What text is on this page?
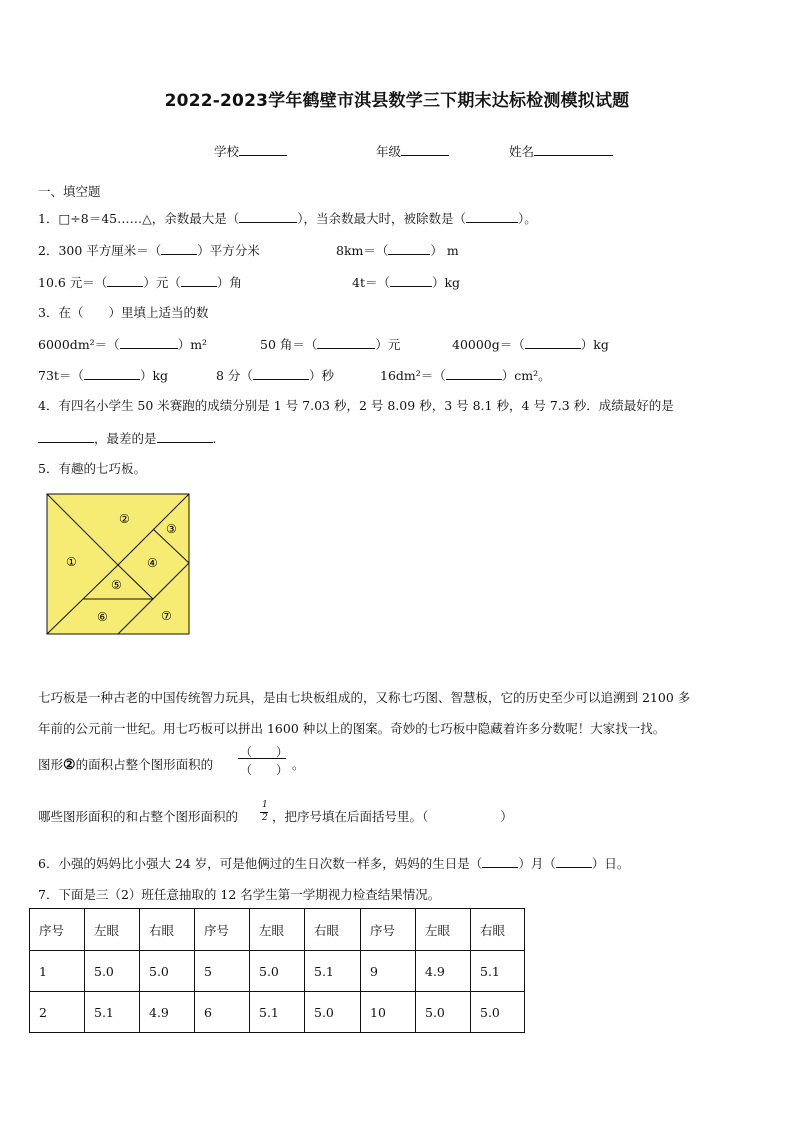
2022-2023学年鹤壁市淇县数学三下期末达标检测模拟试题
学校	年级	姓名
一、填空题
1．□÷8＝45……△，余数最大是（	），当余数最大时，被除数是（	）。
2．300 平方厘米＝（	）平方分米	8km＝（	） m
10.6 元＝（	）元（	）角	4t＝（	）kg
3．在（　　）里填上适当的数
6000dm²＝（	）m²	50 角＝（	）元	40000g＝（	）kg
73t＝（	）kg	8 分（	）秒	16dm²＝（	）cm²。
4．有四名小学生 50 米赛跑的成绩分别是 1 号 7.03 秒，2 号 8.09 秒，3 号 8.1 秒，4 号 7.3 秒．成绩最好的是
，最差的是	.
5．有趣的七巧板。
②
③
①	④
⑤
⑥	⑦
七巧板是一种古老的中国传统智力玩具，是由七块板组成的，又称七巧图、智慧板，它的历史至少可以追溯到 2100 多
年前的公元前一世纪。用七巧板可以拼出 1600 种以上的图案。奇妙的七巧板中隐藏着许多分数呢！大家找一找。
图形②的面积占整个图形面积的
（　　）
（　　） 。
哪些图形面积的和占整个图形面积的
1
2 ，把序号填在后面括号里。（	）
6．小强的妈妈比小强大 24 岁，可是他俩过的生日次数一样多，妈妈的生日是（	）月（	）日。
7．下面是三（2）班任意抽取的 12 名学生第一学期视力检查结果情况。
序号	左眼	右眼	序号	左眼	右眼	序号	左眼	右眼
1	5.0	5.0	5	5.0	5.1	9	4.9	5.1
2	5.1	4.9	6	5.1	5.0	10	5.0	5.0
